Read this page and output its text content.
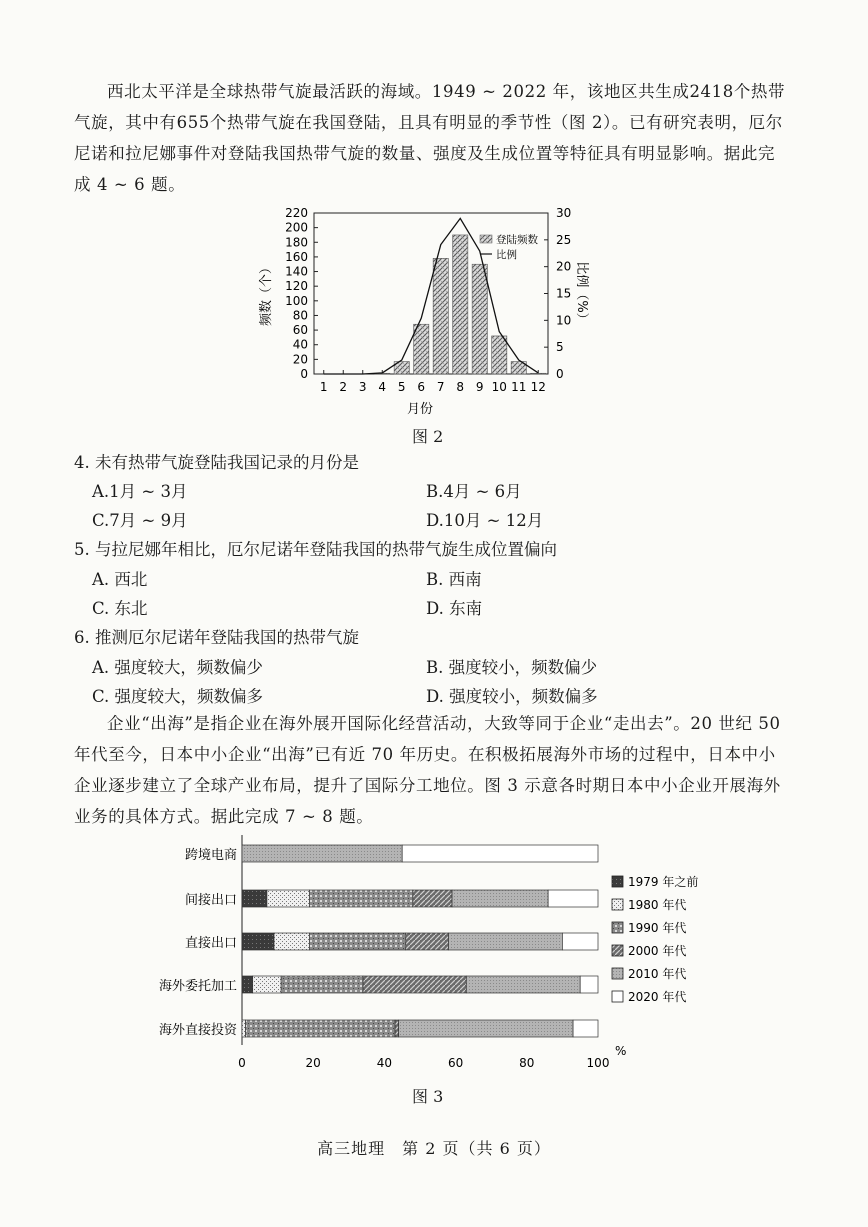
西北太平洋是全球热带气旋最活跃的海域。1949 ~ 2022 年，该地区共生成2418个热带气旋，其中有655个热带气旋在我国登陆，且具有明显的季节性（图 2）。已有研究表明，厄尔尼诺和拉尼娜事件对登陆我国热带气旋的数量、强度及生成位置等特征具有明显影响。据此完成 4 ~ 6 题。

0
20
40
60
80
100
120
140
160
180
200
220
0
5
10
15
20
25
30
1 2 3 4 5 6 7 8 9 10 11 12
登陆频数
比例
月份
频数（个）	比例（%）
图 2
4. 未有热带气旋登陆我国记录的月份是
A.1月 ~ 3月	B.4月 ~ 6月
C.7月 ~ 9月	D.10月 ~ 12月
5. 与拉尼娜年相比，厄尔尼诺年登陆我国的热带气旋生成位置偏向
A. 西北	B. 西南
C. 东北	D. 东南
6. 推测厄尔尼诺年登陆我国的热带气旋
A. 强度较大，频数偏少	B. 强度较小，频数偏少
C. 强度较大，频数偏多	D. 强度较小，频数偏多

企业“出海”是指企业在海外展开国际化经营活动，大致等同于企业“走出去”。20 世纪 50 年代至今，日本中小企业“出海”已有近 70 年历史。在积极拓展海外市场的过程中，日本中小企业逐步建立了全球产业布局，提升了国际分工地位。图 3 示意各时期日本中小企业开展海外业务的具体方式。据此完成 7 ~ 8 题。

跨境电商
间接出口
直接出口
海外委托加工
海外直接投资
0	20	40	60	80	100
%
1979 年之前
1980 年代
1990 年代
2000 年代
2010 年代
2020 年代
图 3
高三地理　第 2 页（共 6 页）
